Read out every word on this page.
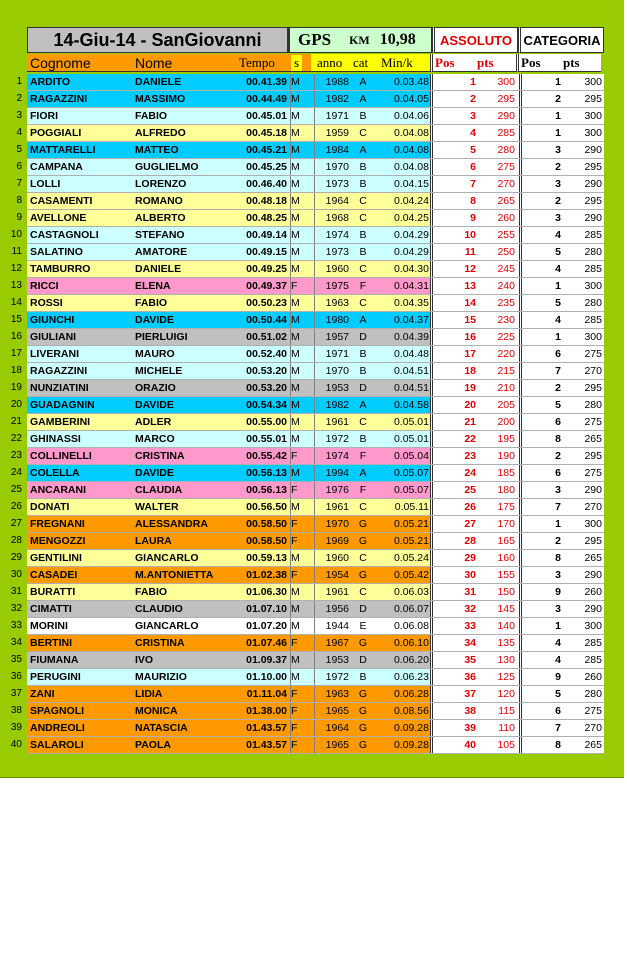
14-Giu-14 - SanGiovanni	GPS KM 10,98	ASSOLUTO CATEGORIA
Cognome	Nome	Tempo s anno cat Min/k Pos pts Pos pts
ARDITO	DANIELE	00.41.39 M	1988 A	0.03.48	1	300	1	300
1
RAGAZZINI	MASSIMO	00.44.49 M	1982 A	0.04.05	2	295	2	295
2
FIORI	FABIO	00.45.01 M	1971 B	0.04.06	3	290	1	300
3
POGGIALI	ALFREDO	00.45.18 M	1959 C	0.04.08	4	285	1	300
4
MATTARELLI	MATTEO	00.45.21 M	1984 A	0.04.08	5	280	3	290
5
CAMPANA	GUGLIELMO	00.45.25 M	1970 B	0.04.08	6	275	2	295
6
LOLLI	LORENZO	00.46.40 M	1973 B	0.04.15	7	270	3	290
7
CASAMENTI	ROMANO	00.48.18 M	1964 C	0.04.24	8	265	2	295
8
AVELLONE	ALBERTO	00.48.25 M	1968 C	0.04.25	9	260	3	290
9
CASTAGNOLI	STEFANO	00.49.14 M	1974 B	0.04.29	10	255	4	285
10
SALATINO	AMATORE	00.49.15 M	1973 B	0.04.29	11	250	5	280
11
TAMBURRO	DANIELE	00.49.25 M	1960 C	0.04.30	12	245	4	285
12
RICCI	ELENA	00.49.37 F	1975 F	0.04.31	13	240	1	300
13
ROSSI	FABIO	00.50.23 M	1963 C	0.04.35	14	235	5	280
14
GIUNCHI	DAVIDE	00.50.44 M	1980 A	0.04.37	15	230	4	285
15
GIULIANI	PIERLUIGI	00.51.02 M	1957 D	0.04.39	16	225	1	300
16
LIVERANI	MAURO	00.52.40 M	1971 B	0.04.48	17	220	6	275
17
RAGAZZINI	MICHELE	00.53.20 M	1970 B	0.04.51	18	215	7	270
18
NUNZIATINI	ORAZIO	00.53.20 M	1953 D	0.04.51	19	210	2	295
19
GUADAGNIN	DAVIDE	00.54.34 M	1982 A	0.04.58	20	205	5	280
20
GAMBERINI	ADLER	00.55.00 M	1961 C	0.05.01	21	200	6	275
21
GHINASSI	MARCO	00.55.01 M	1972 B	0.05.01	22	195	8	265
22
COLLINELLI	CRISTINA	00.55.42 F	1974 F	0.05.04	23	190	2	295
23
COLELLA	DAVIDE	00.56.13 M	1994 A	0.05.07	24	185	6	275
24
ANCARANI	CLAUDIA	00.56.13 F	1976 F	0.05.07	25	180	3	290
25
DONATI	WALTER	00.56.50 M	1961 C	0.05.11	26	175	7	270
26
FREGNANI	ALESSANDRA	00.58.50 F	1970 G	0.05.21	27	170	1	300
27
MENGOZZI	LAURA	00.58.50 F	1969 G	0.05.21	28	165	2	295
28
GENTILINI	GIANCARLO	00.59.13 M	1960 C	0.05.24	29	160	8	265
29
CASADEI	M.ANTONIETTA	01.02.38 F	1954 G	0.05.42	30	155	3	290
30
BURATTI	FABIO	01.06.30 M	1961 C	0.06.03	31	150	9	260
31
CIMATTI	CLAUDIO	01.07.10 M	1956 D	0.06.07	32	145	3	290
32
MORINI	GIANCARLO	01.07.20 M	1944 E	0.06.08	33	140	1	300
33
BERTINI	CRISTINA	01.07.46 F	1967 G	0.06.10	34	135	4	285
34
FIUMANA	IVO	01.09.37 M	1953 D	0.06.20	35	130	4	285
35
PERUGINI	MAURIZIO	01.10.00 M	1972 B	0.06.23	36	125	9	260
36
ZANI	LIDIA	01.11.04 F	1963 G	0.06.28	37	120	5	280
37
SPAGNOLI	MONICA	01.38.00 F	1965 G	0.08.56	38	115	6	275
38
ANDREOLI	NATASCIA	01.43.57 F	1964 G	0.09.28	39	110	7	270
39
SALAROLI	PAOLA	01.43.57 F	1965 G	0.09.28	40	105	8	265
40
